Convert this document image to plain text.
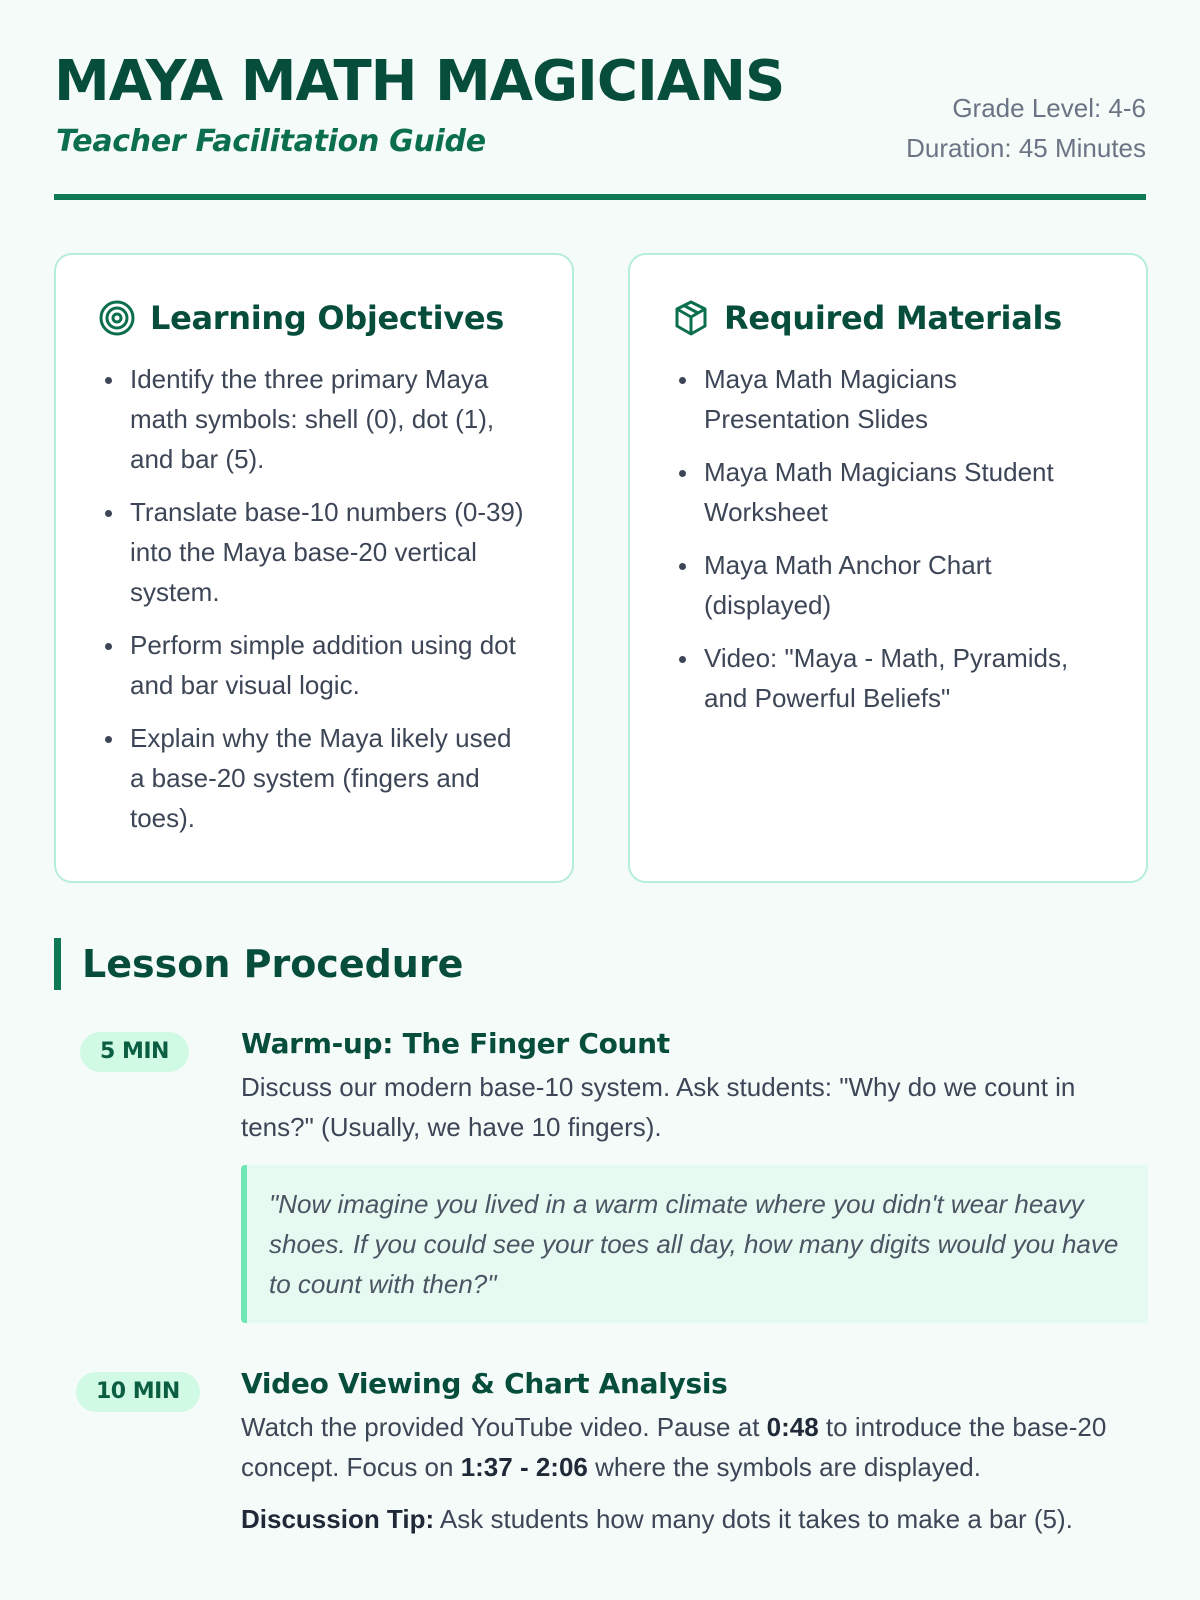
MAYA MATH MAGICIANS
Teacher Facilitation Guide
Grade Level: 4-6
Duration: 45 Minutes
Learning Objectives
Identify the three primary Maya math symbols: shell (0), dot (1), and bar (5).
Translate base-10 numbers (0-39) into the Maya base-20 vertical system.
Perform simple addition using dot and bar visual logic.
Explain why the Maya likely used a base-20 system (fingers and toes).
Required Materials
Maya Math Magicians Presentation Slides
Maya Math Magicians Student Worksheet
Maya Math Anchor Chart (displayed)
Video: "Maya - Math, Pyramids, and Powerful Beliefs"
Lesson Procedure
5 MIN	Warm-up: The Finger Count
Discuss our modern base-10 system. Ask students: "Why do we count in tens?" (Usually, we have 10 fingers).
"Now imagine you lived in a warm climate where you didn't wear heavy shoes. If you could see your toes all day, how many digits would you have to count with then?"
10 MIN	Video Viewing & Chart Analysis
Watch the provided YouTube video. Pause at 0:48 to introduce the base-20 concept. Focus on 1:37 - 2:06 where the symbols are displayed.
Discussion Tip: Ask students how many dots it takes to make a bar (5).
